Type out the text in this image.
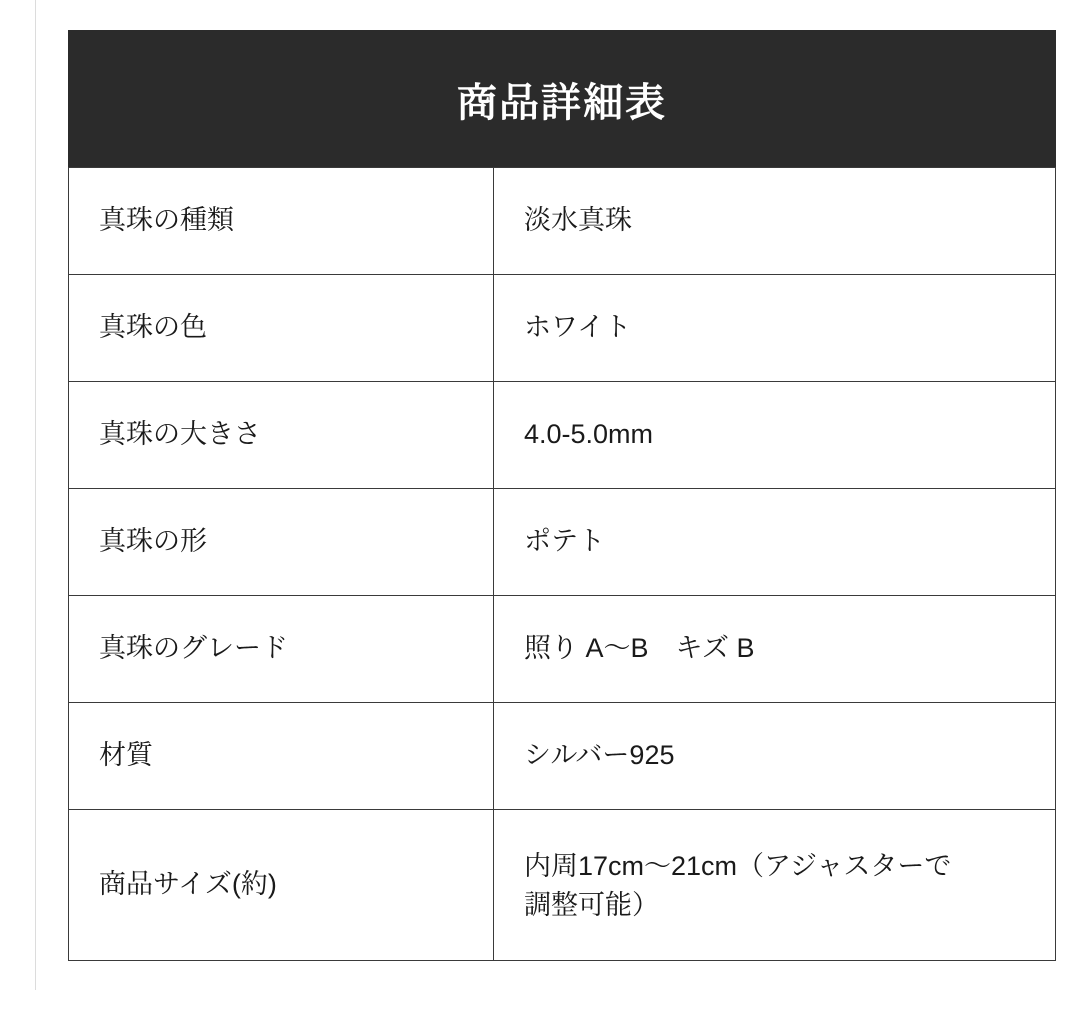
商品詳細表
真珠の種類	淡水真珠

真珠の色	ホワイト

真珠の大きさ	4.0-5.0mm

真珠の形	ポテト

真珠のグレード	照り A〜B　キズ B

材質	シルバー925

商品サイズ(約)	内周17cm〜21cm（アジャスターで
調整可能）
